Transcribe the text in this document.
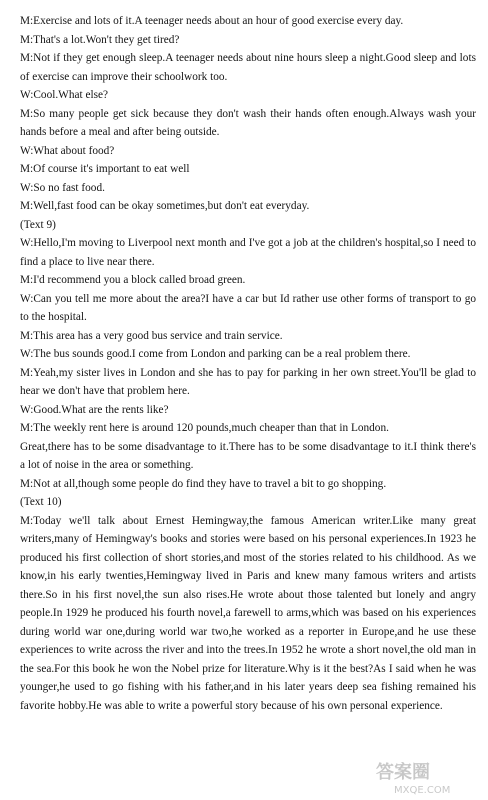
M:Exercise and lots of it.A teenager needs about an hour of good exercise every day.

M:That's a lot.Won't they get tired?

M:Not if they get enough sleep.A teenager needs about nine hours sleep a night.Good sleep and lots of exercise can improve their schoolwork too.

W:Cool.What else?

M:So many people get sick because they don't wash their hands often enough.Always wash your hands before a meal and after being outside.

W:What about food?

M:Of course it's important to eat well

W:So no fast food.

M:Well,fast food can be okay sometimes,but don't eat everyday.

(Text 9)

W:Hello,I'm moving to Liverpool next month and I've got a job at the children's hospital,so I need to find a place to live near there.

M:I'd recommend you a block called broad green.

W:Can you tell me more about the area?I have a car but Id rather use other forms of transport to go to the hospital.

M:This area has a very good bus service and train service.

W:The bus sounds good.I come from London and parking can be a real problem there.

M:Yeah,my sister lives in London and she has to pay for parking in her own street.You'll be glad to hear we don't have that problem here.

W:Good.What are the rents like?

M:The weekly rent here is around 120 pounds,much cheaper than that in London.

Great,there has to be some disadvantage to it.There has to be some disadvantage to it.I think there's a lot of noise in the area or something.

M:Not at all,though some people do find they have to travel a bit to go shopping.

(Text 10)

M:Today we'll talk about Ernest Hemingway,the famous American writer.Like many great writers,many of Hemingway's books and stories were based on his personal experiences.In 1923 he produced his first collection of short stories,and most of the stories related to his childhood. As we know,in his early twenties,Hemingway lived in Paris and knew many famous writers and artists there.So in his first novel,the sun also rises.He wrote about those talented but lonely and angry people.In 1929 he produced his fourth novel,a farewell to arms,which was based on his experiences during world war one,during world war two,he worked as a reporter in Europe,and he use these experiences to write across the river and into the trees.In 1952 he wrote a short novel,the old man in the sea.For this book he won the Nobel prize for literature.Why is it the best?As I said when he was younger,he used to go fishing with his father,and in his later years deep sea fishing remained his favorite hobby.He was able to write a powerful story because of his own personal experience.

答案圈
MXQE.COM
